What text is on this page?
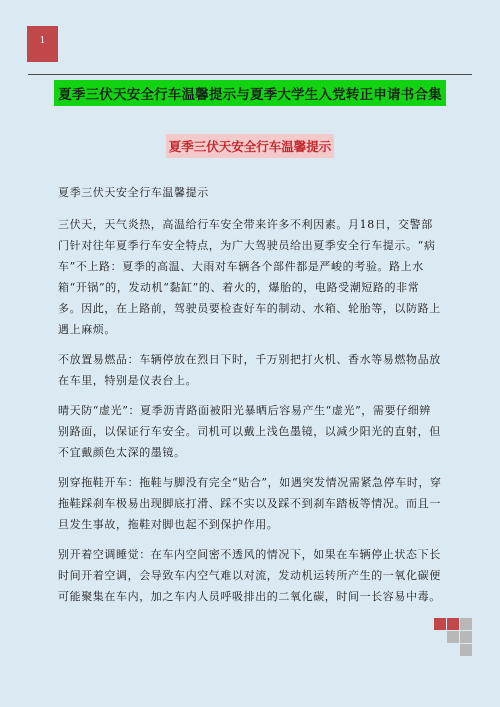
1
夏季三伏天安全行车温馨提示与夏季大学生入党转正申请书合集
夏季三伏天安全行车温馨提示

夏季三伏天安全行车温馨提示

三伏天，天气炎热，高温给行车安全带来许多不利因素。月18日，交警部门针对往年夏季行车安全特点，为广大驾驶员给出夏季安全行车提示。“病车”不上路：夏季的高温、大雨对车辆各个部件都是严峻的考验。路上水箱“开锅”的，发动机“黏缸”的、着火的，爆胎的，电路受潮短路的非常多。因此，在上路前，驾驶员要检查好车的制动、水箱、轮胎等，以防路上遇上麻烦。

不放置易燃品：车辆停放在烈日下时，千万别把打火机、香水等易燃物品放在车里，特别是仪表台上。

晴天防“虚光”：夏季沥青路面被阳光暴晒后容易产生“虚光”，需要仔细辨别路面，以保证行车安全。司机可以戴上浅色墨镜，以减少阳光的直射，但不宜戴颜色太深的墨镜。

别穿拖鞋开车：拖鞋与脚没有完全“贴合”，如遇突发情况需紧急停车时，穿拖鞋踩刹车极易出现脚底打滑、踩不实以及踩不到刹车踏板等情况。而且一旦发生事故，拖鞋对脚也起不到保护作用。

别开着空调睡觉：在车内空间密不透风的情况下，如果在车辆停止状态下长时间开着空调，会导致车内空气难以对流，发动机运转所产生的一氧化碳便可能聚集在车内，加之车内人员呼吸排出的二氧化碳，时间一长容易中毒。
